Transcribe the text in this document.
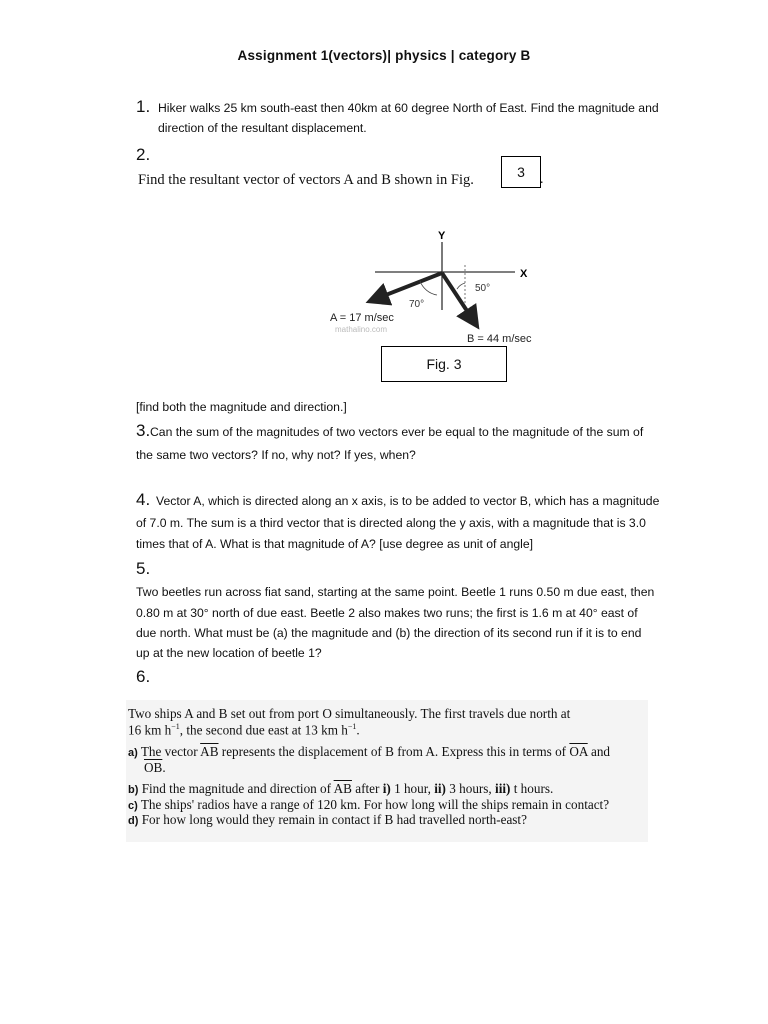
Assignment 1(vectors)| physics | category B
1. Hiker walks 25 km south-east then 40km at 60 degree North of East. Find the magnitude and
direction of the resultant displacement.
2.
Find the resultant vector of vectors A and B shown in Fig.	3	.
Y
X
70°
50°
A = 17 m/sec
mathalino.com
B = 44 m/sec
Fig. 3
[find both the magnitude and direction.]
3. Can the sum of the magnitudes of two vectors ever be equal to the magnitude of the sum of
the same two vectors? If no, why not? If yes, when?
4. Vector A, which is directed along an x axis, is to be added to vector B, which has a magnitude
of 7.0 m. The sum is a third vector that is directed along the y axis, with a magnitude that is 3.0
times that of A. What is that magnitude of A? [use degree as unit of angle]
5.
Two beetles run across fiat sand, starting at the same point. Beetle 1 runs 0.50 m due east, then
0.80 m at 30° north of due east. Beetle 2 also makes two runs; the first is 1.6 m at 40° east of
due north. What must be (a) the magnitude and (b) the direction of its second run if it is to end
up at the new location of beetle 1?
6.

Two ships A and B set out from port O simultaneously. The first travels due north at

16 km $h^{-1}$, the second due east at 13 km $h^{-1}$.

a) The vector $\overline{AB}$ represents the displacement of B from A. Express this in terms of $\overline{OA}$ and

$\overline{OB}$.

b) Find the magnitude and direction of $\overline{AB}$ after i) 1 hour, ii) 3 hours, iii) t hours.

c) The ships' radios have a range of 120 km. For how long will the ships remain in contact?

d) For how long would they remain in contact if B had travelled north-east?
